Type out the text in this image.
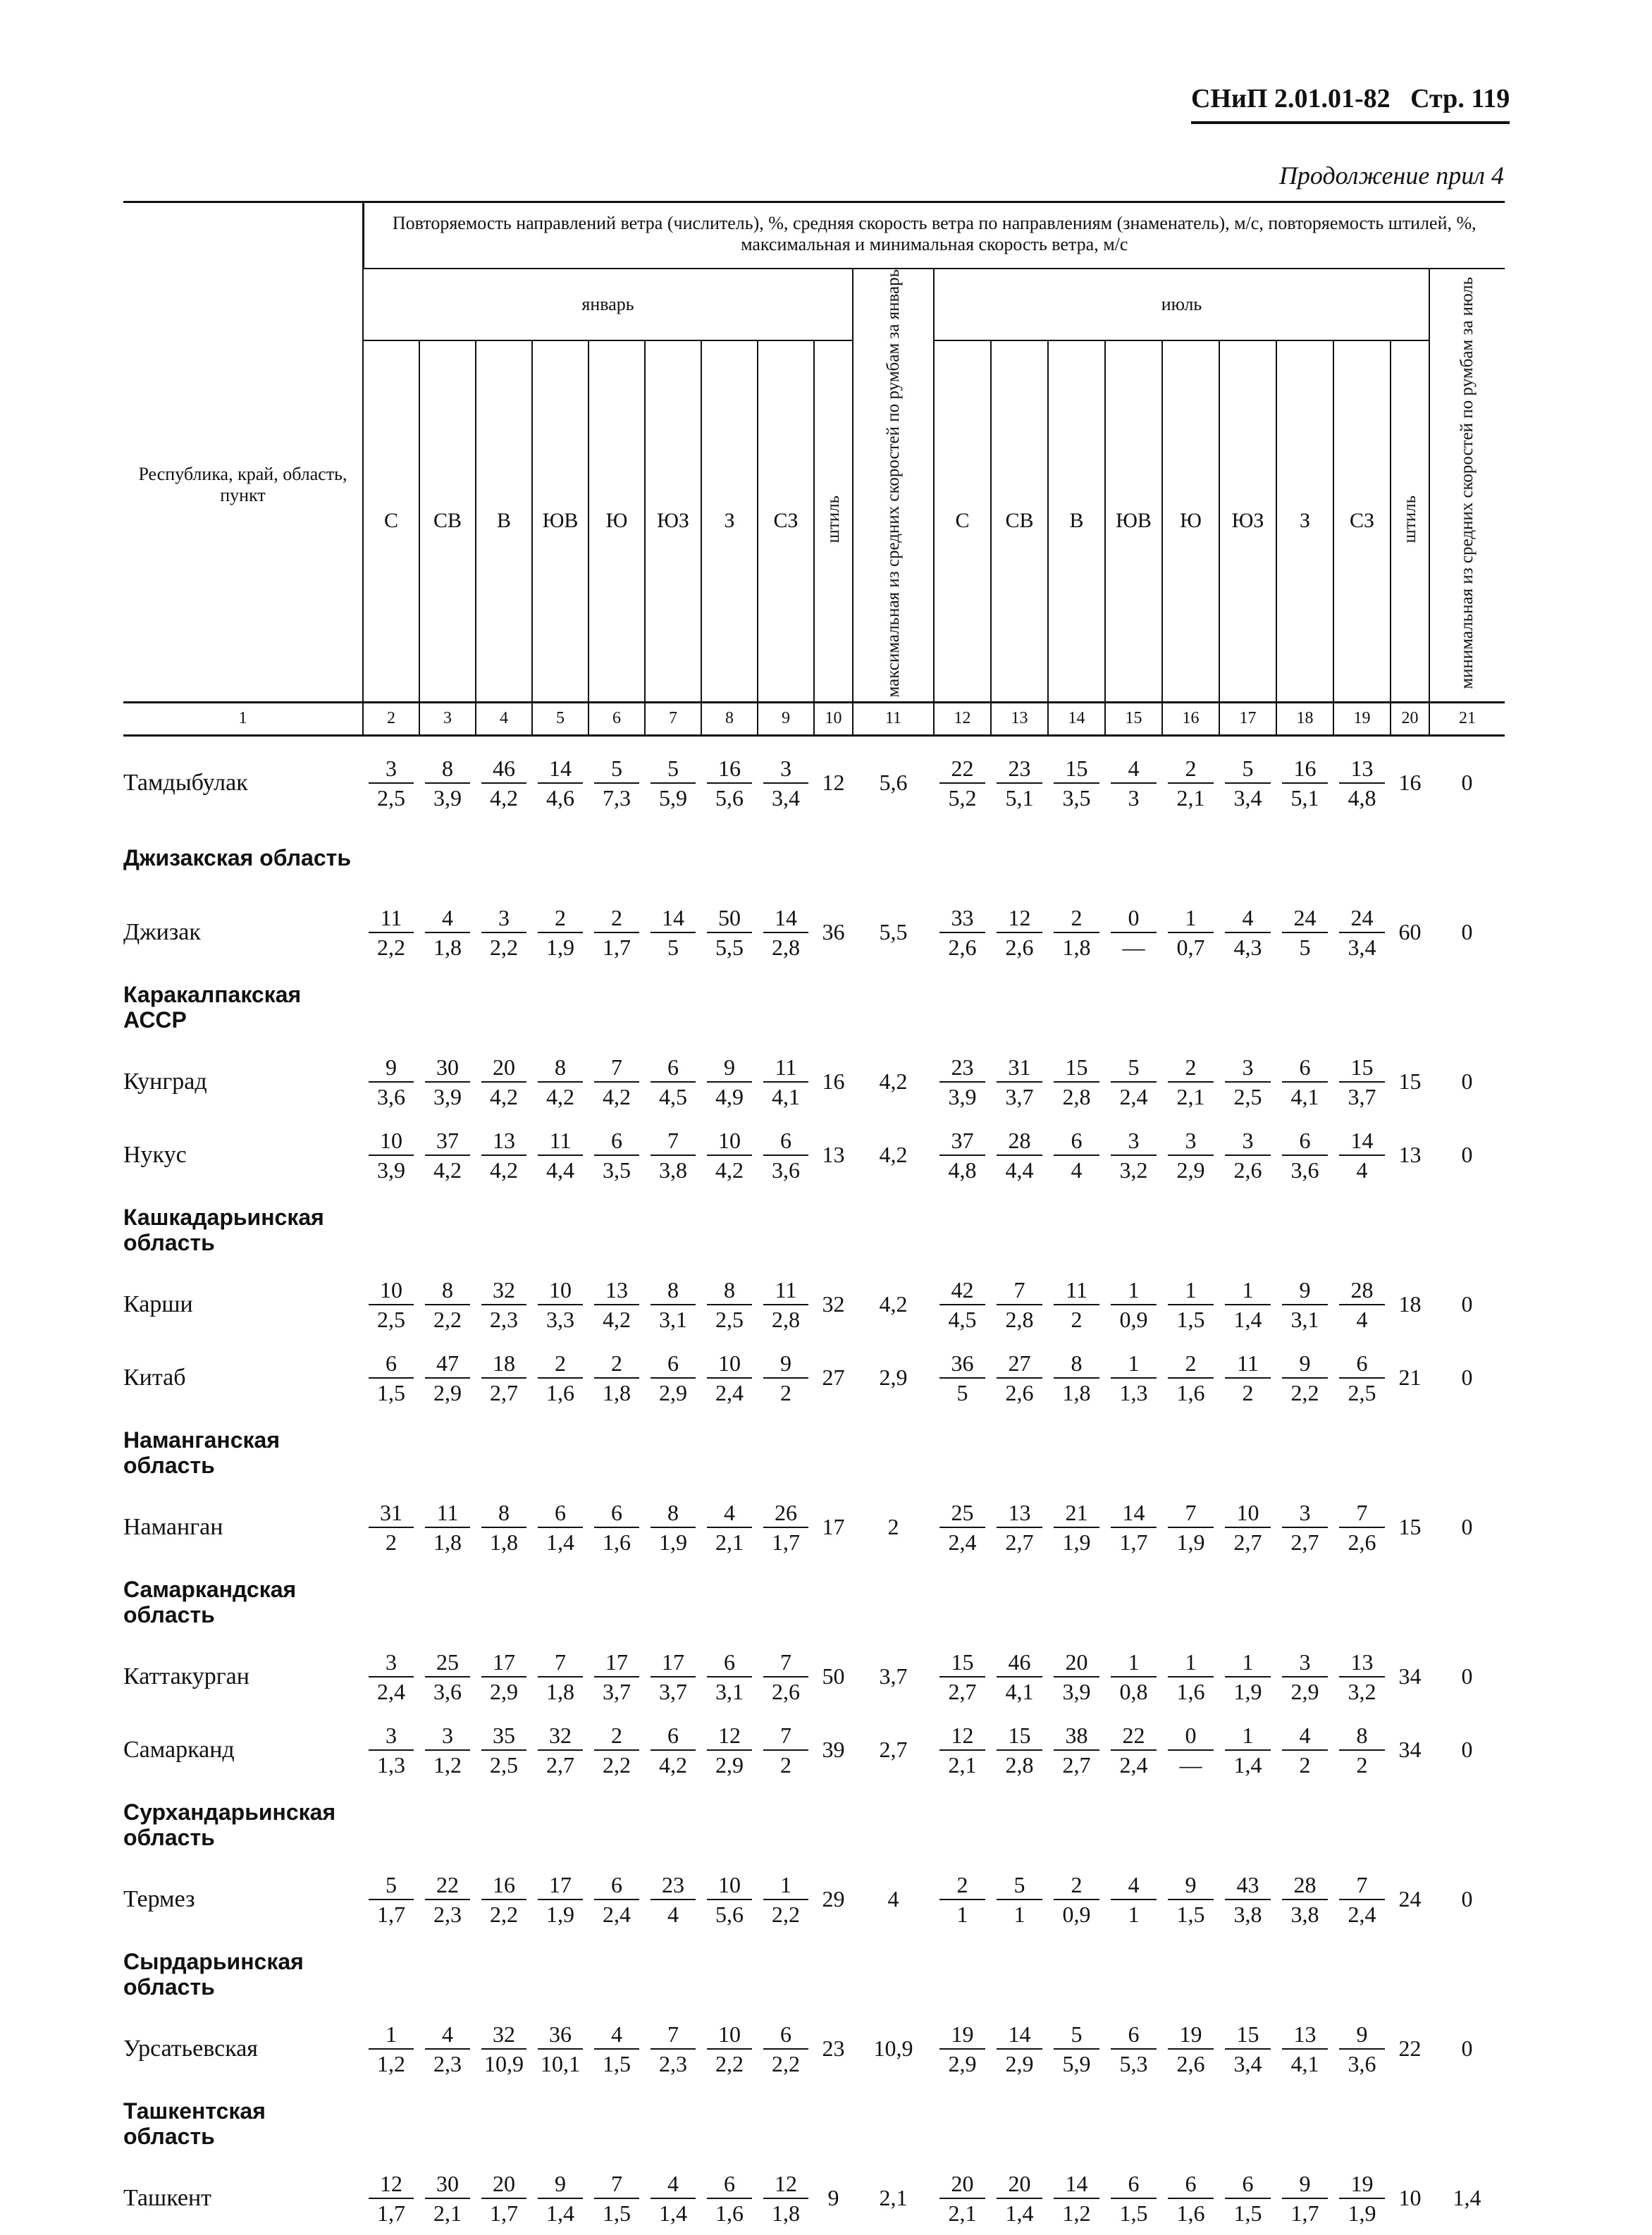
СНиП 2.01.01-82 Стр. 119
Продолжение прил 4
	Повторяемость направлений ветра (числитель), %, средняя скорость ветра по направлениям (знаменатель), м/с, повторяемость штилей, %, максимальная и минимальная скорость ветра, м/с																			
Республика, край, область, пункт	январь									максимальная из средних скоростей по румбам за январь	июль									минимальная из средних скоростей по румбам за июль
	С	СВ	В	ЮВ	Ю	ЮЗ	З	СЗ	штиль		С	СВ	В	ЮВ	Ю	ЮЗ	З	СЗ	штиль	
1	2	3	4	5	6	7	8	9	10	11	12	13	14	15	16	17	18	19	20	21

Тамдыбулак	$\frac{3}{2,5}$	$\frac{8}{3,9}$	$\frac{46}{4,2}$	$\frac{14}{4,6}$	$\frac{5}{7,3}$	$\frac{5}{5,9}$	$\frac{16}{5,6}$	$\frac{3}{3,4}$	12	5,6	$\frac{22}{5,2}$	$\frac{23}{5,1}$	$\frac{15}{3,5}$	$\frac{4}{3}$	$\frac{2}{2,1}$	$\frac{5}{3,4}$	$\frac{16}{5,1}$	$\frac{13}{4,8}$	16	0
Джизакская область																				
Джизак	$\frac{11}{2,2}$	$\frac{4}{1,8}$	$\frac{3}{2,2}$	$\frac{2}{1,9}$	$\frac{2}{1,7}$	$\frac{14}{5}$	$\frac{50}{5,5}$	$\frac{14}{2,8}$	36	5,5	$\frac{33}{2,6}$	$\frac{12}{2,6}$	$\frac{2}{1,8}$	$\frac{0}{—}$	$\frac{1}{0,7}$	$\frac{4}{4,3}$	$\frac{24}{5}$	$\frac{24}{3,4}$	60	0
Каракалпакская АССР																				
Кунград	$\frac{9}{3,6}$	$\frac{30}{3,9}$	$\frac{20}{4,2}$	$\frac{8}{4,2}$	$\frac{7}{4,2}$	$\frac{6}{4,5}$	$\frac{9}{4,9}$	$\frac{11}{4,1}$	16	4,2	$\frac{23}{3,9}$	$\frac{31}{3,7}$	$\frac{15}{2,8}$	$\frac{5}{2,4}$	$\frac{2}{2,1}$	$\frac{3}{2,5}$	$\frac{6}{4,1}$	$\frac{15}{3,7}$	15	0
Нукус	$\frac{10}{3,9}$	$\frac{37}{4,2}$	$\frac{13}{4,2}$	$\frac{11}{4,4}$	$\frac{6}{3,5}$	$\frac{7}{3,8}$	$\frac{10}{4,2}$	$\frac{6}{3,6}$	13	4,2	$\frac{37}{4,8}$	$\frac{28}{4,4}$	$\frac{6}{4}$	$\frac{3}{3,2}$	$\frac{3}{2,9}$	$\frac{3}{2,6}$	$\frac{6}{3,6}$	$\frac{14}{4}$	13	0
Кашкадарьинская область																				
Карши	$\frac{10}{2,5}$	$\frac{8}{2,2}$	$\frac{32}{2,3}$	$\frac{10}{3,3}$	$\frac{13}{4,2}$	$\frac{8}{3,1}$	$\frac{8}{2,5}$	$\frac{11}{2,8}$	32	4,2	$\frac{42}{4,5}$	$\frac{7}{2,8}$	$\frac{11}{2}$	$\frac{1}{0,9}$	$\frac{1}{1,5}$	$\frac{1}{1,4}$	$\frac{9}{3,1}$	$\frac{28}{4}$	18	0
Китаб	$\frac{6}{1,5}$	$\frac{47}{2,9}$	$\frac{18}{2,7}$	$\frac{2}{1,6}$	$\frac{2}{1,8}$	$\frac{6}{2,9}$	$\frac{10}{2,4}$	$\frac{9}{2}$	27	2,9	$\frac{36}{5}$	$\frac{27}{2,6}$	$\frac{8}{1,8}$	$\frac{1}{1,3}$	$\frac{2}{1,6}$	$\frac{11}{2}$	$\frac{9}{2,2}$	$\frac{6}{2,5}$	21	0
Наманганская область																				
Наманган	$\frac{31}{2}$	$\frac{11}{1,8}$	$\frac{8}{1,8}$	$\frac{6}{1,4}$	$\frac{6}{1,6}$	$\frac{8}{1,9}$	$\frac{4}{2,1}$	$\frac{26}{1,7}$	17	2	$\frac{25}{2,4}$	$\frac{13}{2,7}$	$\frac{21}{1,9}$	$\frac{14}{1,7}$	$\frac{7}{1,9}$	$\frac{10}{2,7}$	$\frac{3}{2,7}$	$\frac{7}{2,6}$	15	0
Самаркандская область																				
Каттакурган	$\frac{3}{2,4}$	$\frac{25}{3,6}$	$\frac{17}{2,9}$	$\frac{7}{1,8}$	$\frac{17}{3,7}$	$\frac{17}{3,7}$	$\frac{6}{3,1}$	$\frac{7}{2,6}$	50	3,7	$\frac{15}{2,7}$	$\frac{46}{4,1}$	$\frac{20}{3,9}$	$\frac{1}{0,8}$	$\frac{1}{1,6}$	$\frac{1}{1,9}$	$\frac{3}{2,9}$	$\frac{13}{3,2}$	34	0
Самарканд	$\frac{3}{1,3}$	$\frac{3}{1,2}$	$\frac{35}{2,5}$	$\frac{32}{2,7}$	$\frac{2}{2,2}$	$\frac{6}{4,2}$	$\frac{12}{2,9}$	$\frac{7}{2}$	39	2,7	$\frac{12}{2,1}$	$\frac{15}{2,8}$	$\frac{38}{2,7}$	$\frac{22}{2,4}$	$\frac{0}{—}$	$\frac{1}{1,4}$	$\frac{4}{2}$	$\frac{8}{2}$	34	0
Сурхандарьинская область																				
Термез	$\frac{5}{1,7}$	$\frac{22}{2,3}$	$\frac{16}{2,2}$	$\frac{17}{1,9}$	$\frac{6}{2,4}$	$\frac{23}{4}$	$\frac{10}{5,6}$	$\frac{1}{2,2}$	29	4	$\frac{2}{1}$	$\frac{5}{1}$	$\frac{2}{0,9}$	$\frac{4}{1}$	$\frac{9}{1,5}$	$\frac{43}{3,8}$	$\frac{28}{3,8}$	$\frac{7}{2,4}$	24	0
Сырдарьинская область																				
Урсатьевская	$\frac{1}{1,2}$	$\frac{4}{2,3}$	$\frac{32}{10,9}$	$\frac{36}{10,1}$	$\frac{4}{1,5}$	$\frac{7}{2,3}$	$\frac{10}{2,2}$	$\frac{6}{2,2}$	23	10,9	$\frac{19}{2,9}$	$\frac{14}{2,9}$	$\frac{5}{5,9}$	$\frac{6}{5,3}$	$\frac{19}{2,6}$	$\frac{15}{3,4}$	$\frac{13}{4,1}$	$\frac{9}{3,6}$	22	0
Ташкентская область																				
Ташкент	$\frac{12}{1,7}$	$\frac{30}{2,1}$	$\frac{20}{1,7}$	$\frac{9}{1,4}$	$\frac{7}{1,5}$	$\frac{4}{1,4}$	$\frac{6}{1,6}$	$\frac{12}{1,8}$	9	2,1	$\frac{20}{2,1}$	$\frac{20}{1,4}$	$\frac{14}{1,2}$	$\frac{6}{1,5}$	$\frac{6}{1,6}$	$\frac{6}{1,5}$	$\frac{9}{1,7}$	$\frac{19}{1,9}$	10	1,4
